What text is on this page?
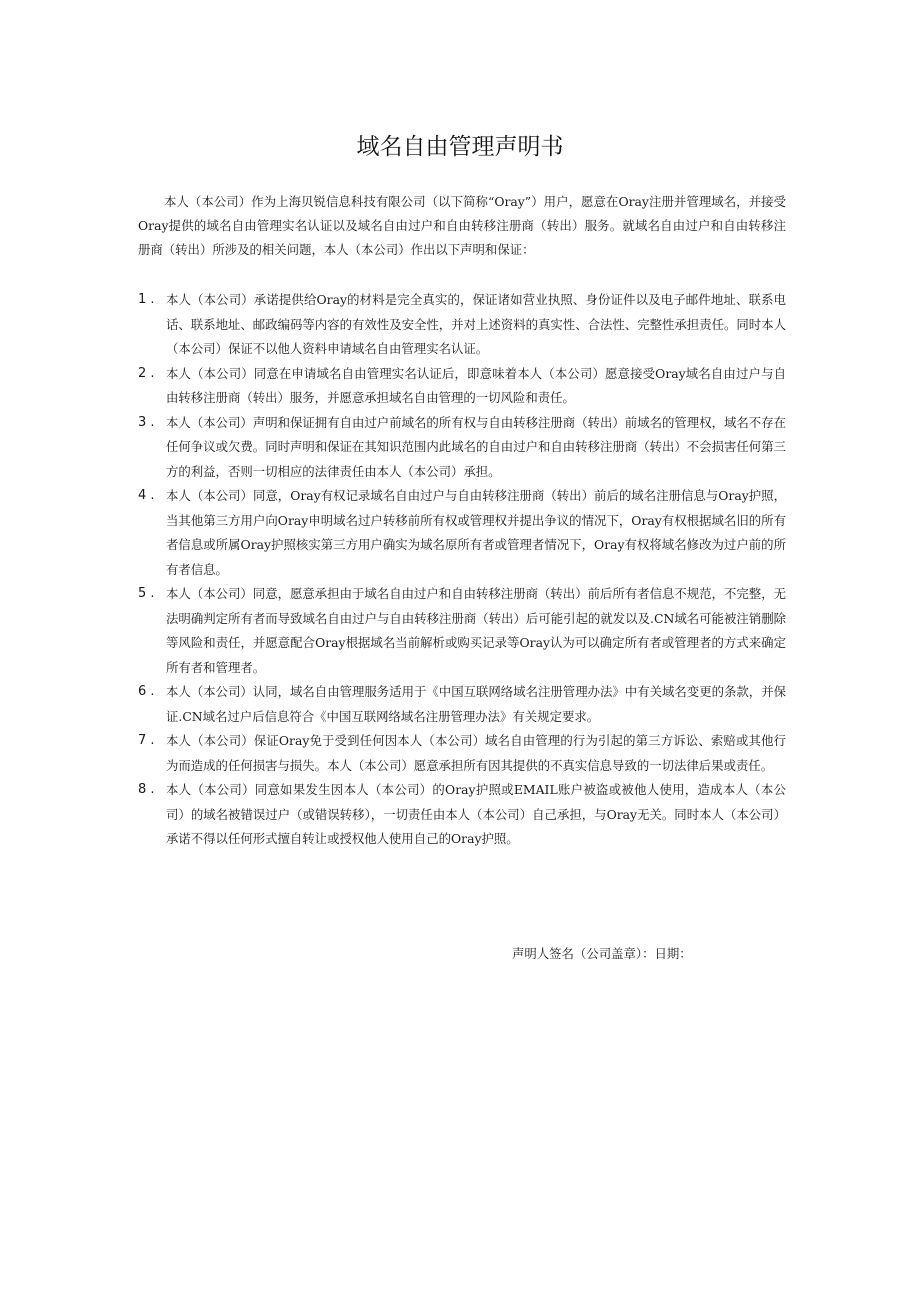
域名自由管理声明书

本人（本公司）作为上海贝锐信息科技有限公司（以下简称“Oray”）用户，愿意在Oray注册并管理域名，并接受Oray提供的域名自由管理实名认证以及域名自由过户和自由转移注册商（转出）服务。就域名自由过户和自由转移注册商（转出）所涉及的相关问题，本人（本公司）作出以下声明和保证：

1 .	本人（本公司）承诺提供给Oray的材料是完全真实的，保证诸如营业执照、身份证件以及电子邮件地址、联系电话、联系地址、邮政编码等内容的有效性及安全性，并对上述资料的真实性、合法性、完整性承担责任。同时本人（本公司）保证不以他人资料申请域名自由管理实名认证。
2 .	本人（本公司）同意在申请域名自由管理实名认证后，即意味着本人（本公司）愿意接受Oray域名自由过户与自由转移注册商（转出）服务，并愿意承担域名自由管理的一切风险和责任。
3 .	本人（本公司）声明和保证拥有自由过户前域名的所有权与自由转移注册商（转出）前域名的管理权，域名不存在任何争议或欠费。同时声明和保证在其知识范围内此域名的自由过户和自由转移注册商（转出）不会损害任何第三方的利益，否则一切相应的法律责任由本人（本公司）承担。
4 .	本人（本公司）同意，Oray有权记录域名自由过户与自由转移注册商（转出）前后的域名注册信息与Oray护照，当其他第三方用户向Oray申明域名过户转移前所有权或管理权并提出争议的情况下，Oray有权根据域名旧的所有者信息或所属Oray护照核实第三方用户确实为域名原所有者或管理者情况下，Oray有权将域名修改为过户前的所有者信息。
5 .	本人（本公司）同意，愿意承担由于域名自由过户和自由转移注册商（转出）前后所有者信息不规范，不完整，无法明确判定所有者而导致域名自由过户与自由转移注册商（转出）后可能引起的就发以及.CN域名可能被注销删除等风险和责任，并愿意配合Oray根据域名当前解析或购买记录等Oray认为可以确定所有者或管理者的方式来确定所有者和管理者。
6 .	本人（本公司）认同，域名自由管理服务适用于《中国互联网络域名注册管理办法》中有关域名变更的条款，并保证.CN域名过户后信息符合《中国互联网络域名注册管理办法》有关规定要求。
7 .	本人（本公司）保证Oray免于受到任何因本人（本公司）域名自由管理的行为引起的第三方诉讼、索赔或其他行为而造成的任何损害与损失。本人（本公司）愿意承担所有因其提供的不真实信息导致的一切法律后果或责任。
8 .	本人（本公司）同意如果发生因本人（本公司）的Oray护照或EMAIL账户被盗或被他人使用，造成本人（本公司）的域名被错误过户（或错误转移），一切责任由本人（本公司）自己承担，与Oray无关。同时本人（本公司）承诺不得以任何形式擅自转让或授权他人使用自己的Oray护照。

声明人签名（公司盖章）：日期：
